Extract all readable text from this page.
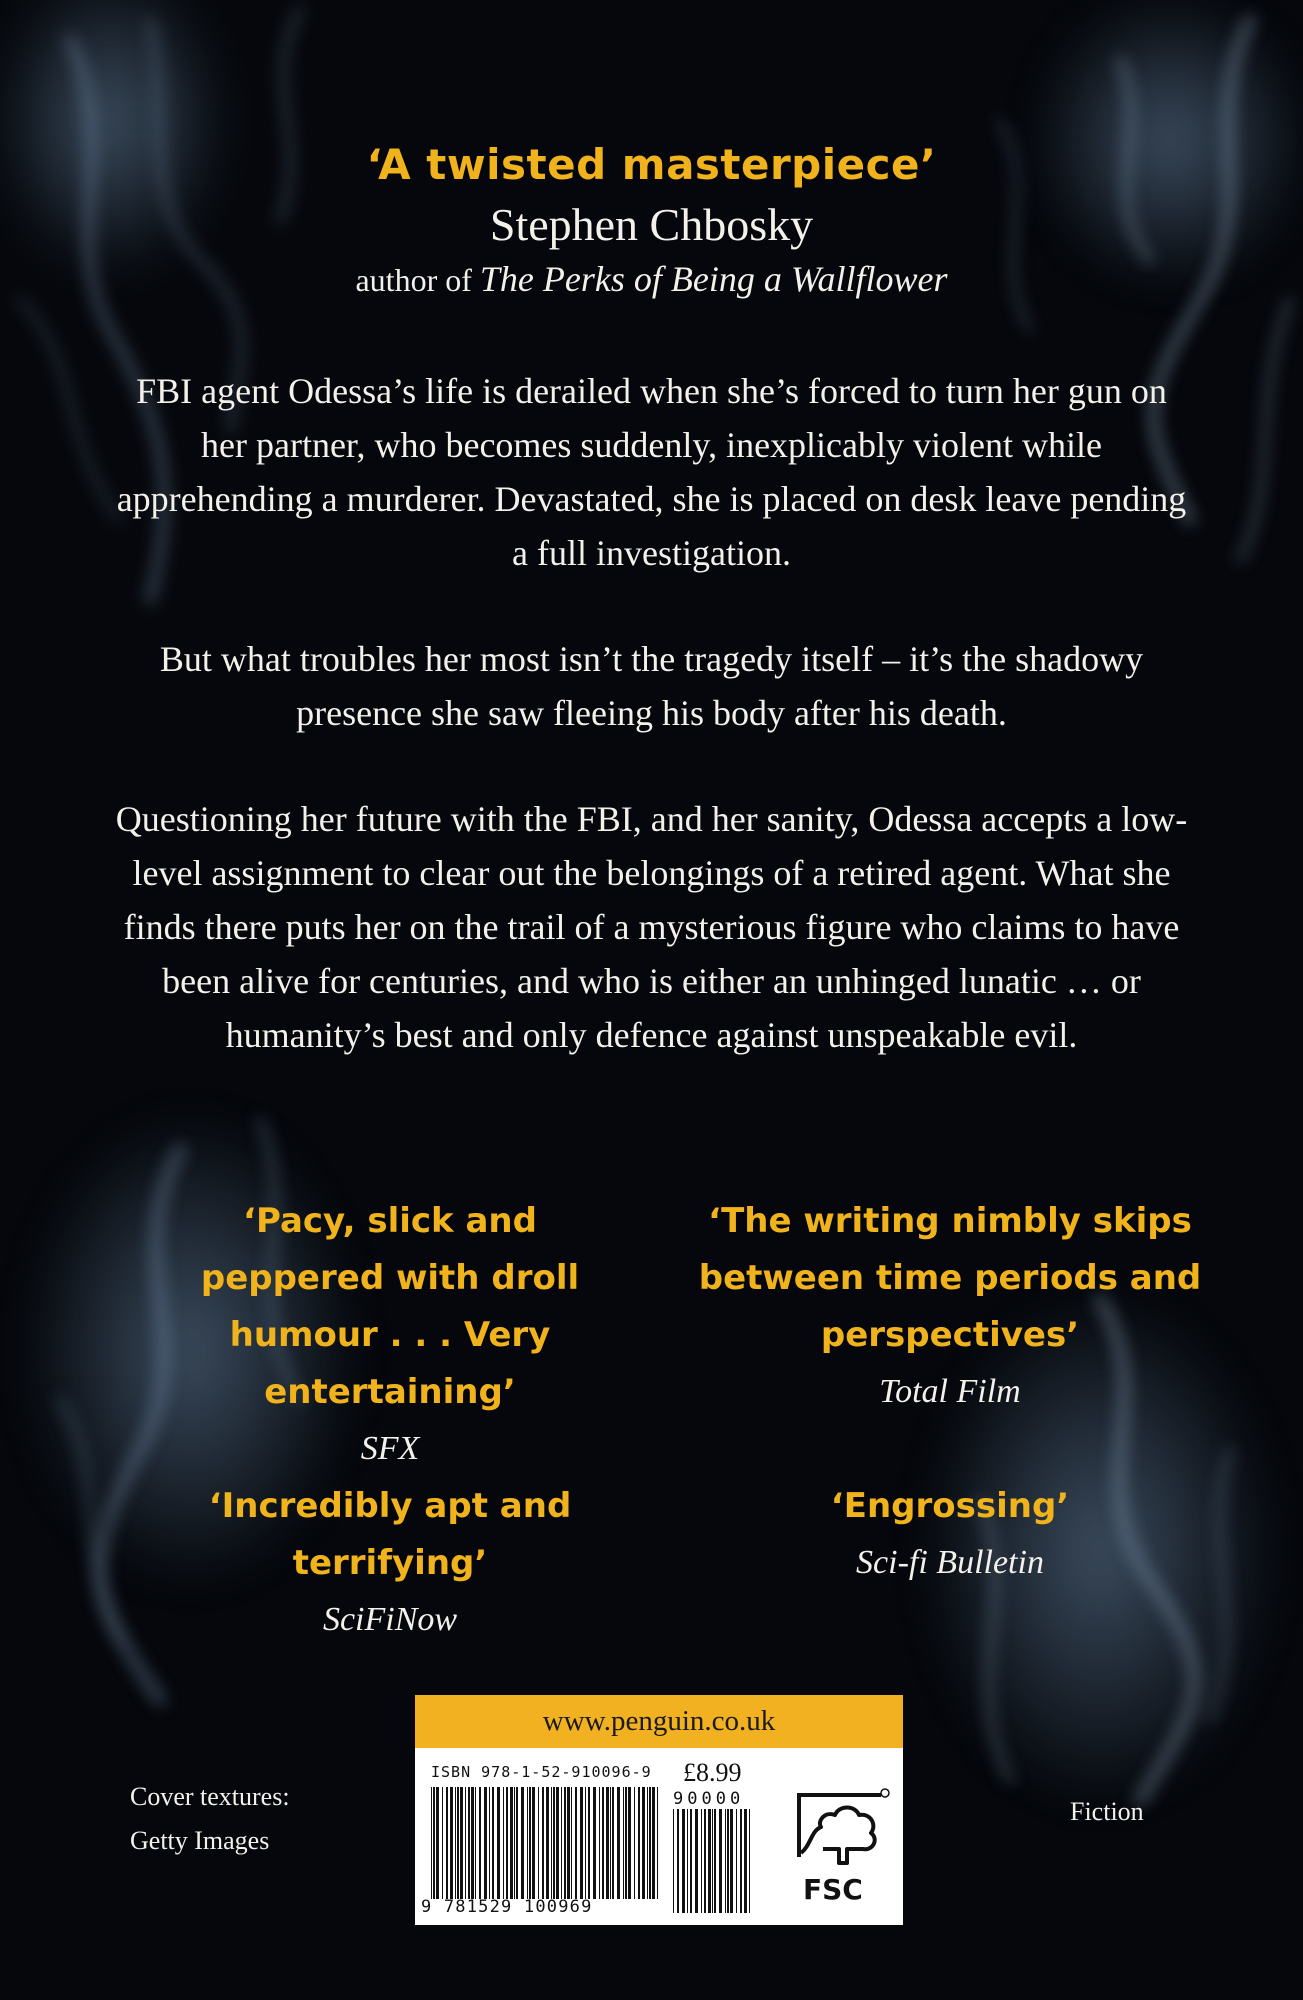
‘A twisted masterpiece’
Stephen Chbosky
author of The Perks of Being a Wallflower

FBI agent Odessa’s life is derailed when she’s forced to turn her gun on her partner, who becomes suddenly, inexplicably violent while apprehending a murderer. Devastated, she is placed on desk leave pending a full investigation.

But what troubles her most isn’t the tragedy itself – it’s the shadowy presence she saw fleeing his body after his death.

Questioning her future with the FBI, and her sanity, Odessa accepts a low-level assignment to clear out the belongings of a retired agent. What she finds there puts her on the trail of a mysterious figure who claims to have been alive for centuries, and who is either an unhinged lunatic … or humanity’s best and only defence against unspeakable evil.

‘Pacy, slick and peppered with droll humour . . . Very entertaining’
SFX
‘The writing nimbly skips between time periods and perspectives’
Total Film
‘Incredibly apt and terrifying’
SciFiNow
‘Engrossing’
Sci-fi Bulletin
Cover textures:
Getty Images
Fiction
www.penguin.co.uk
ISBN 978-1-52-910096-9 £8.99
9 781529 100969
90000
FSC
